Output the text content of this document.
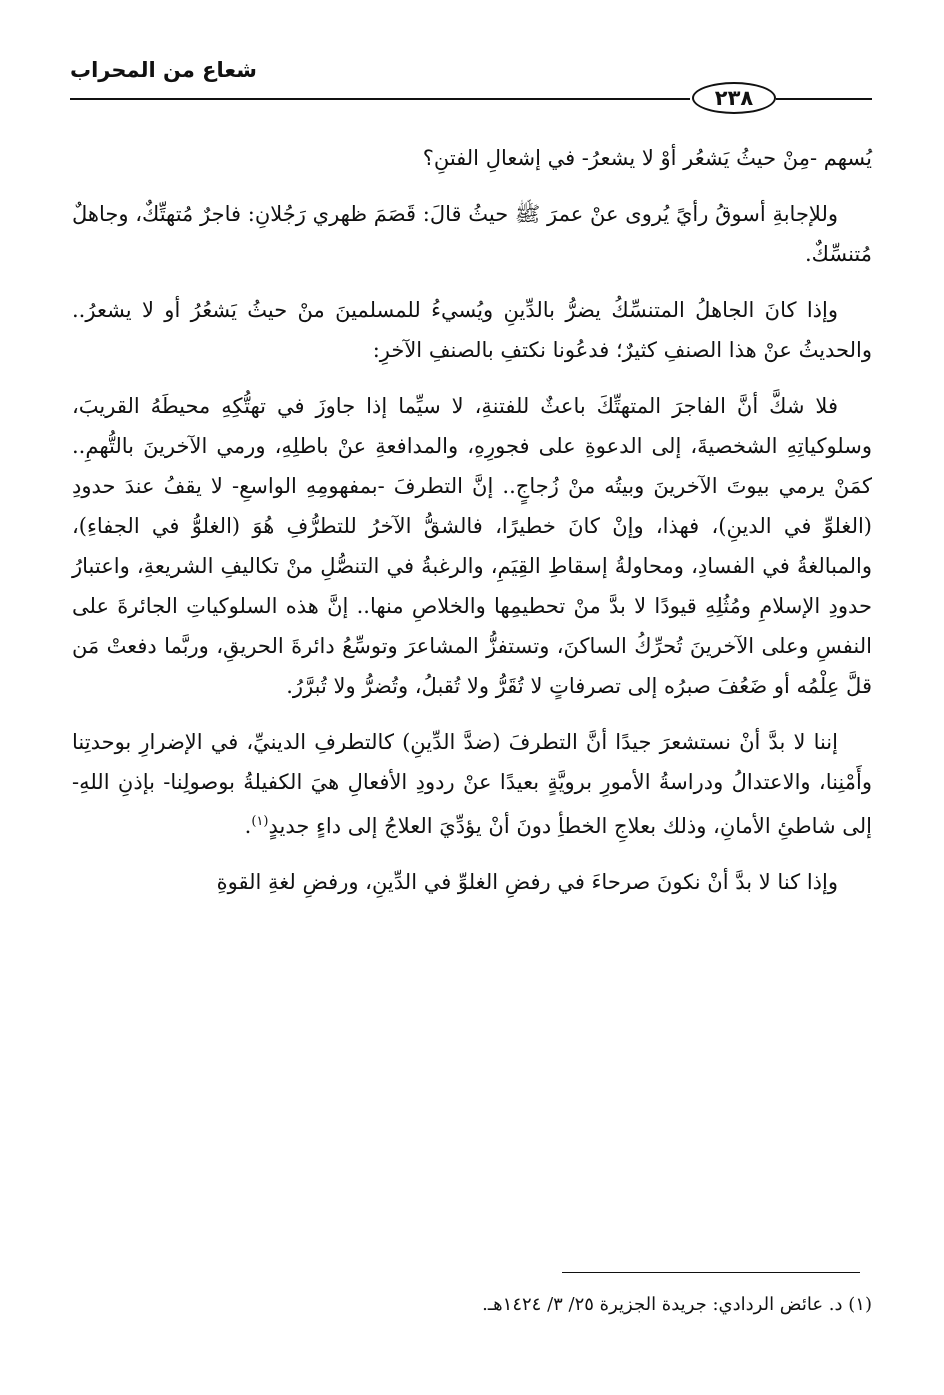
شعاع من المحراب
٢٣٨

يُسهم -مِنْ حيثُ يَشعُر أوْ لا يشعرُ- في إشعالِ الفتنِ؟

وللإجابةِ أسوقُ رأيً يُروى عنْ عمرَ ﷺ حيثُ قالَ: قَصَمَ ظهري رَجُلانِ: فاجرٌ مُتهتِّكٌ، وجاهلٌ مُتنسِّكٌ.

وإذا كانَ الجاهلُ المتنسِّكُ يضرُّ بالدِّينِ ويُسيءُ للمسلمينَ منْ حيثُ يَشعُرُ أو لا يشعرُ.. والحديثُ عنْ هذا الصنفِ كثيرٌ؛ فدعُونا نكتفِ بالصنفِ الآخرِ:

فلا شكَّ أنَّ الفاجرَ المتهتِّكَ باعثٌ للفتنةِ، لا سيِّما إذا جاوزَ في تهتُّكِهِ محيطَهُ القريبَ، وسلوكياتِهِ الشخصيةَ، إلى الدعوةِ على فجورِهِ، والمدافعةِ عنْ باطلِهِ، ورمي الآخرينَ بالتُّهمِ.. كمَنْ يرمي بيوتَ الآخرينَ وبيتُه منْ زُجاجٍ.. إنَّ التطرفَ -بمفهومِهِ الواسعِ- لا يقفُ عندَ حدودِ (الغلوِّ في الدينِ)، فهذا، وإنْ كانَ خطيرًا، فالشقُّ الآخرُ للتطرُّفِ هُوَ (الغلوُّ في الجفاءِ)، والمبالغةُ في الفسادِ، ومحاولةُ إسقاطِ القِيَمِ، والرغبةُ في التنصُّلِ منْ تكاليفِ الشريعةِ، واعتبارُ حدودِ الإسلامِ ومُثُلِهِ قيودًا لا بدَّ منْ تحطيمِها والخلاصِ منها.. إنَّ هذه السلوكياتِ الجائرةَ على النفسِ وعلى الآخرينَ تُحرِّكُ الساكنَ، وتستفزُّ المشاعرَ وتوسِّعُ دائرةَ الحريقِ، وربَّما دفعتْ مَن قلَّ عِلْمُه أو ضَعُفَ صبرُه إلى تصرفاتٍ لا تُقَرُّ ولا تُقبلُ، وتُضرُّ ولا تُبرَّرُ.

إننا لا بدَّ أنْ نستشعرَ جيدًا أنَّ التطرفَ (ضدَّ الدِّينِ) كالتطرفِ الدينيِّ، في الإضرارِ بوحدتِنا وأَمْنِنا، والاعتدالُ ودراسةُ الأمورِ برويَّةٍ بعيدًا عنْ ردودِ الأفعالِ هيَ الكفيلةُ بوصولِنا- بإذنِ اللهِ- إلى شاطئِ الأمانِ، وذلك بعلاجِ الخطأِ دونَ أنْ يؤدِّيَ العلاجُ إلى داءٍ جديدٍ$^{(١)}$.

وإذا كنا لا بدَّ أنْ نكونَ صرحاءَ في رفضِ الغلوِّ في الدِّينِ، ورفضِ لغةِ القوةِ

(١) د. عائض الردادي: جريدة الجزيرة ٢٥/ ٣/ ١٤٢٤هـ.
